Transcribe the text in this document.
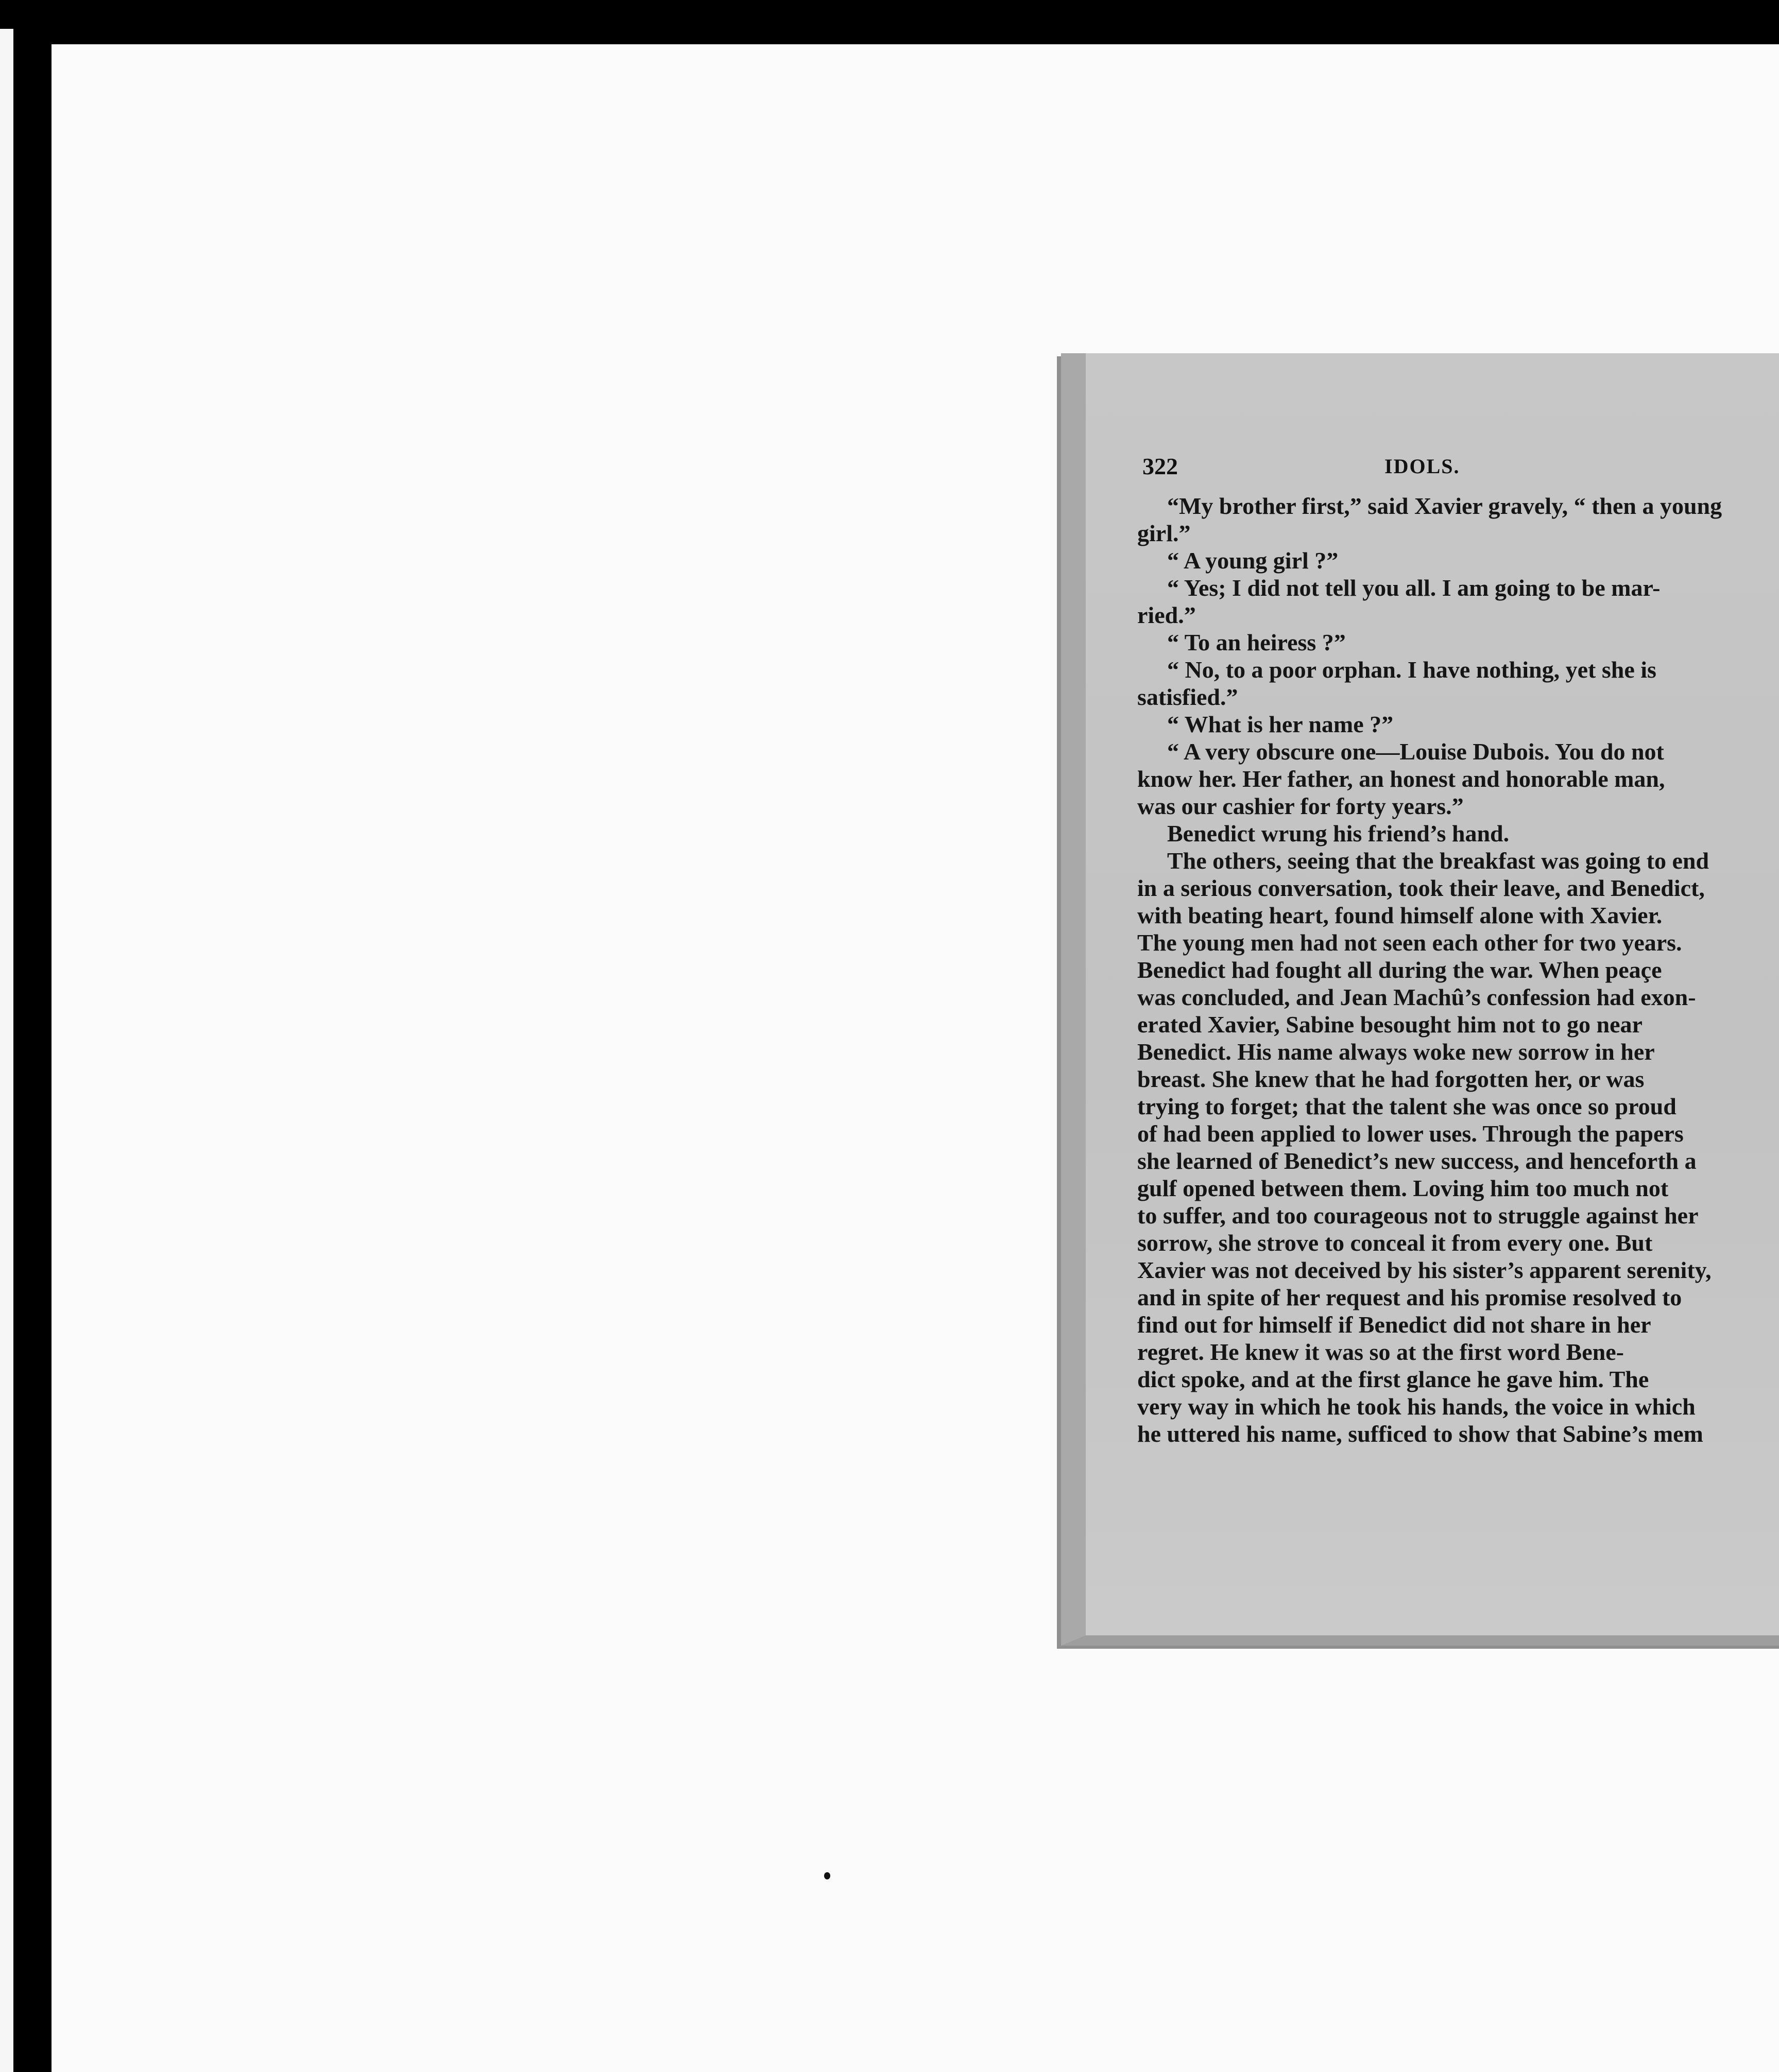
322	IDOLS.
“My brother first,” said Xavier gravely, “ then a young
girl.”
“ A young girl ?”
“ Yes; I did not tell you all. I am going to be mar-
ried.”
“ To an heiress ?”
“ No, to a poor orphan. I have nothing, yet she is
satisfied.”
“ What is her name ?”
“ A very obscure one—Louise Dubois. You do not
know her. Her father, an honest and honorable man,
was our cashier for forty years.”
Benedict wrung his friend’s hand.
The others, seeing that the breakfast was going to end
in a serious conversation, took their leave, and Benedict,
with beating heart, found himself alone with Xavier.
The young men had not seen each other for two years.
Benedict had fought all during the war. When peaçe
was concluded, and Jean Machû’s confession had exon-
erated Xavier, Sabine besought him not to go near
Benedict. His name always woke new sorrow in her
breast. She knew that he had forgotten her, or was
trying to forget; that the talent she was once so proud
of had been applied to lower uses. Through the papers
she learned of Benedict’s new success, and henceforth a
gulf opened between them. Loving him too much not
to suffer, and too courageous not to struggle against her
sorrow, she strove to conceal it from every one. But
Xavier was not deceived by his sister’s apparent serenity,
and in spite of her request and his promise resolved to
find out for himself if Benedict did not share in her
regret. He knew it was so at the first word Bene-
dict spoke, and at the first glance he gave him. The
very way in which he took his hands, the voice in which
he uttered his name, sufficed to show that Sabine’s mem
